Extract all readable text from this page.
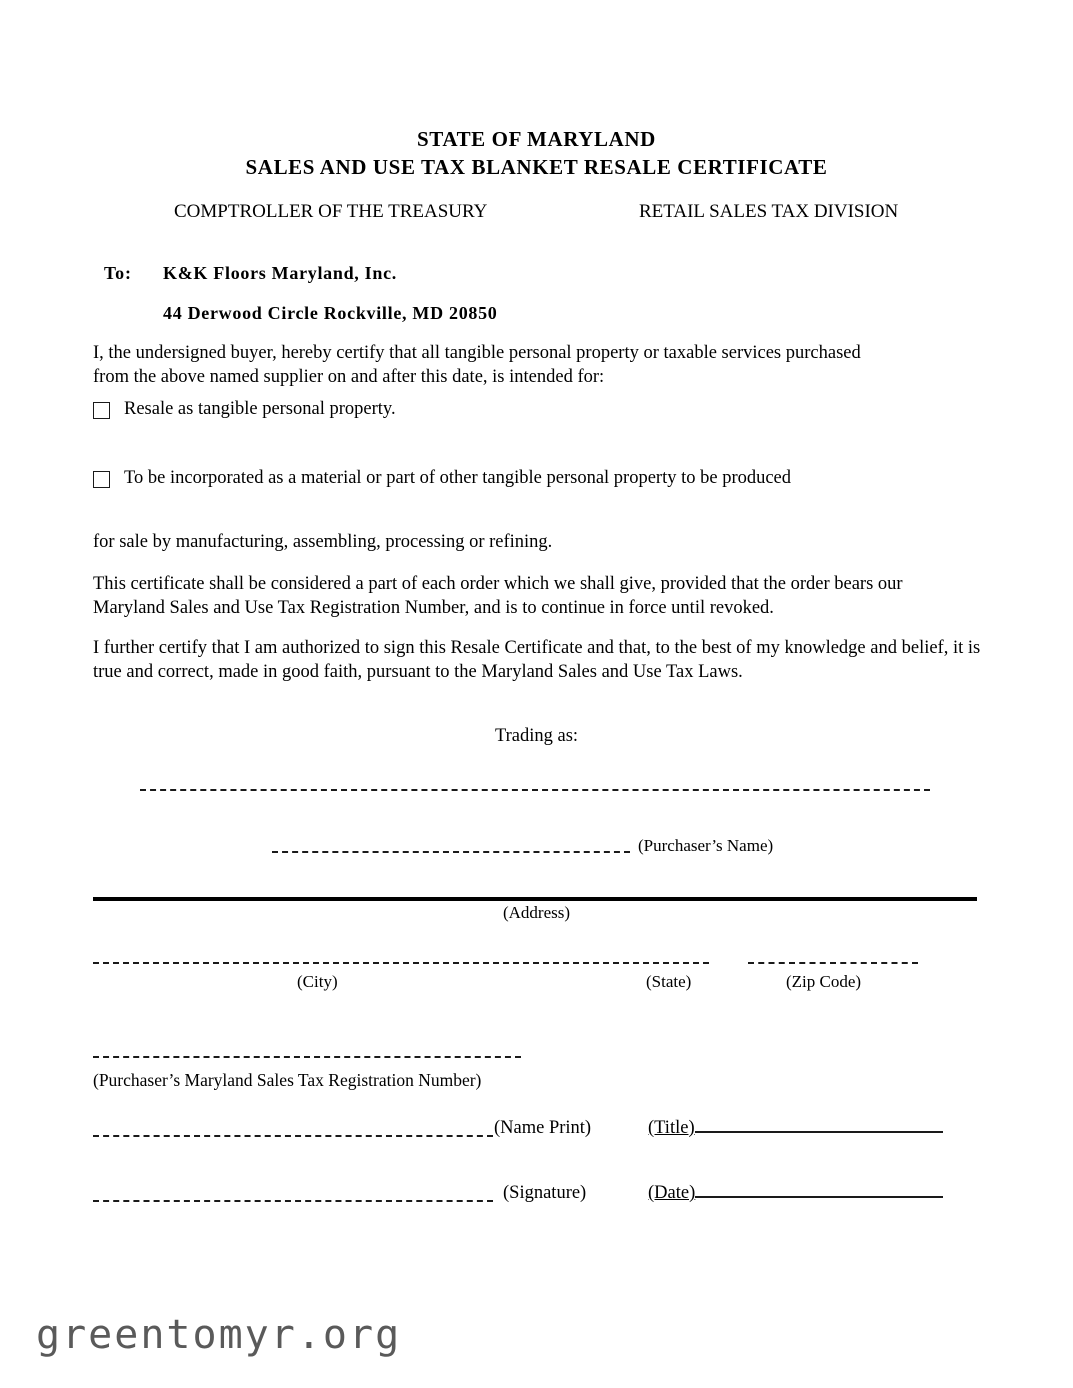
STATE OF MARYLAND
SALES AND USE TAX BLANKET RESALE CERTIFICATE
COMPTROLLER OF THE TREASURY	RETAIL SALES TAX DIVISION
To: K&K Floors Maryland, Inc.
44 Derwood Circle Rockville, MD 20850
I, the undersigned buyer, hereby certify that all tangible personal property or taxable services purchased from the above named supplier on and after this date, is intended for:
Resale as tangible personal property.
To be incorporated as a material or part of other tangible personal property to be produced
for sale by manufacturing, assembling, processing or refining.
This certificate shall be considered a part of each order which we shall give, provided that the order bears our Maryland Sales and Use Tax Registration Number, and is to continue in force until revoked.
I further certify that I am authorized to sign this Resale Certificate and that, to the best of my knowledge and belief, it is true and correct, made in good faith, pursuant to the Maryland Sales and Use Tax Laws.
Trading as:
(Purchaser’s Name)
(Address)
(City)	(State)	(Zip Code)
(Purchaser’s Maryland Sales Tax Registration Number)
(Name Print)	(Title)
(Signature)	(Date)
greentomyr.org
